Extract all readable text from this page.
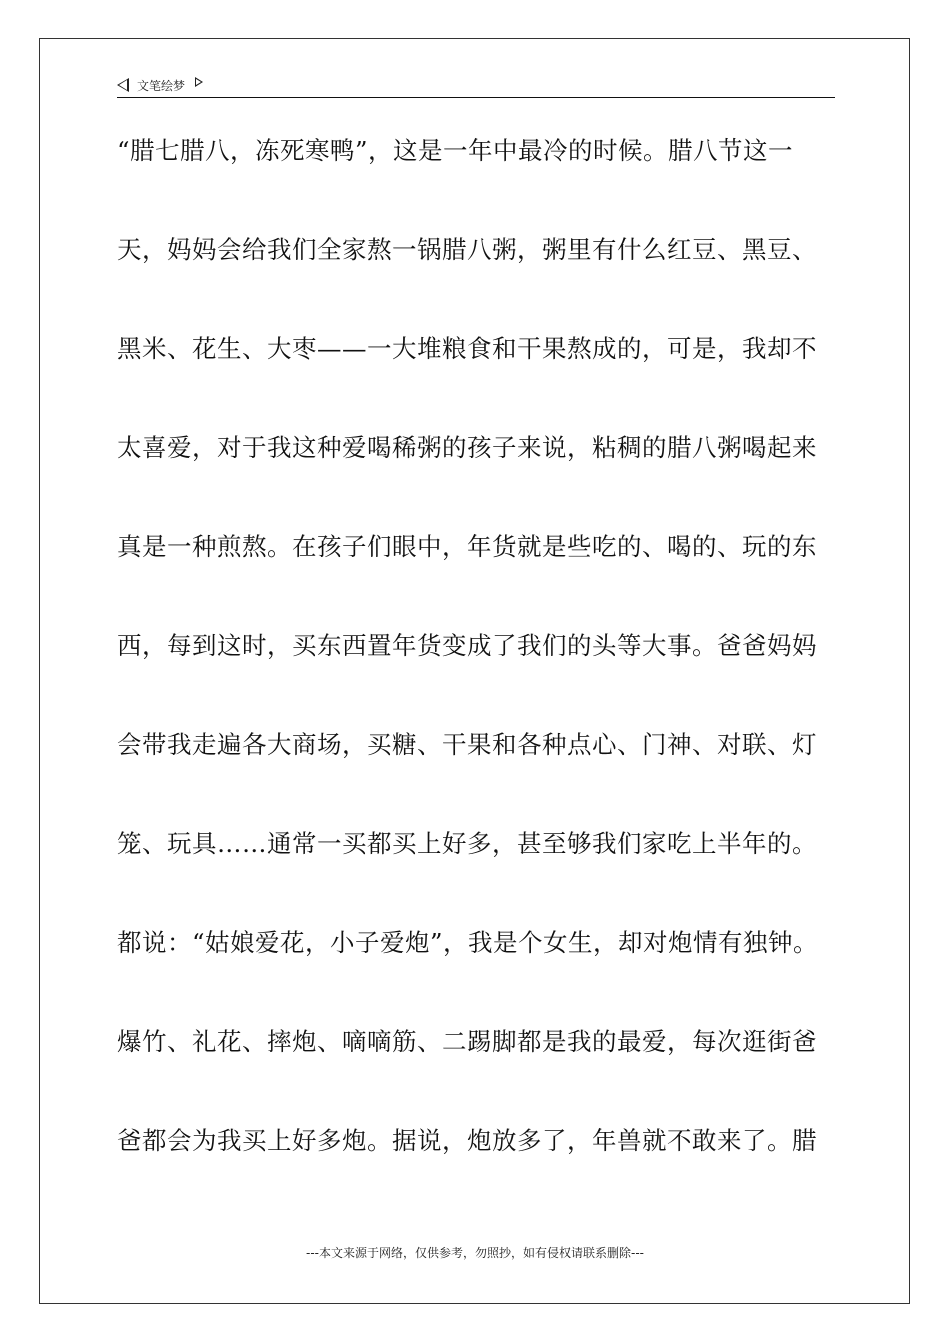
文笔绘梦
“腊七腊八，冻死寒鸭”，这是一年中最冷的时候。腊八节这一
天，妈妈会给我们全家熬一锅腊八粥，粥里有什么红豆、黑豆、
黑米、花生、大枣——一大堆粮食和干果熬成的，可是，我却不
太喜爱，对于我这种爱喝稀粥的孩子来说，粘稠的腊八粥喝起来
真是一种煎熬。在孩子们眼中，年货就是些吃的、喝的、玩的东
西，每到这时，买东西置年货变成了我们的头等大事。爸爸妈妈
会带我走遍各大商场，买糖、干果和各种点心、门神、对联、灯
笼、玩具……通常一买都买上好多，甚至够我们家吃上半年的。
都说：“姑娘爱花，小子爱炮”，我是个女生，却对炮情有独钟。
爆竹、礼花、摔炮、嘀嘀筋、二踢脚都是我的最爱，每次逛街爸
爸都会为我买上好多炮。据说，炮放多了，年兽就不敢来了。腊
---本文来源于网络，仅供参考，勿照抄，如有侵权请联系删除---
